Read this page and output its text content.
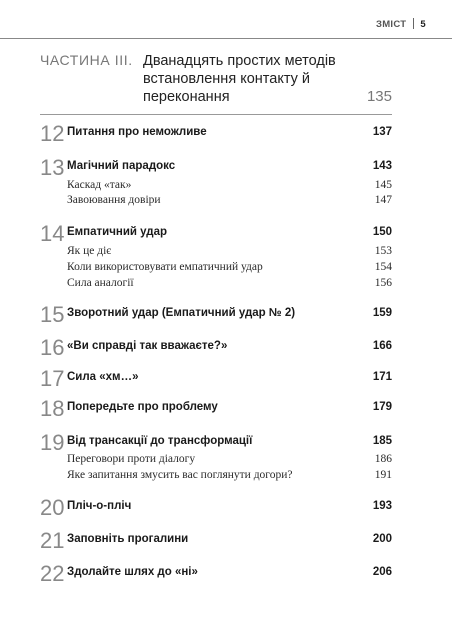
ЗМІСТ 5
ЧАСТИНА III. Дванадцять простих методів встановлення контакту й переконання	135
12 Питання про неможливе	137
13 Магічний парадокс	143
Каскад «так»	145
Завоювання довіри	147
14 Емпатичний удар	150
Як це діє	153
Коли використовувати емпатичний удар	154
Сила аналогії	156
15 Зворотний удар (Емпатичний удар № 2)	159
16 «Ви справді так вважаєте?»	166
17 Сила «хм…»	171
18 Попередьте про проблему	179
19 Від трансакції до трансформації	185
Переговори проти діалогу	186
Яке запитання змусить вас поглянути догори?	191
20 Пліч-о-пліч	193
21 Заповніть прогалини	200
22 Здолайте шлях до «ні»	206
